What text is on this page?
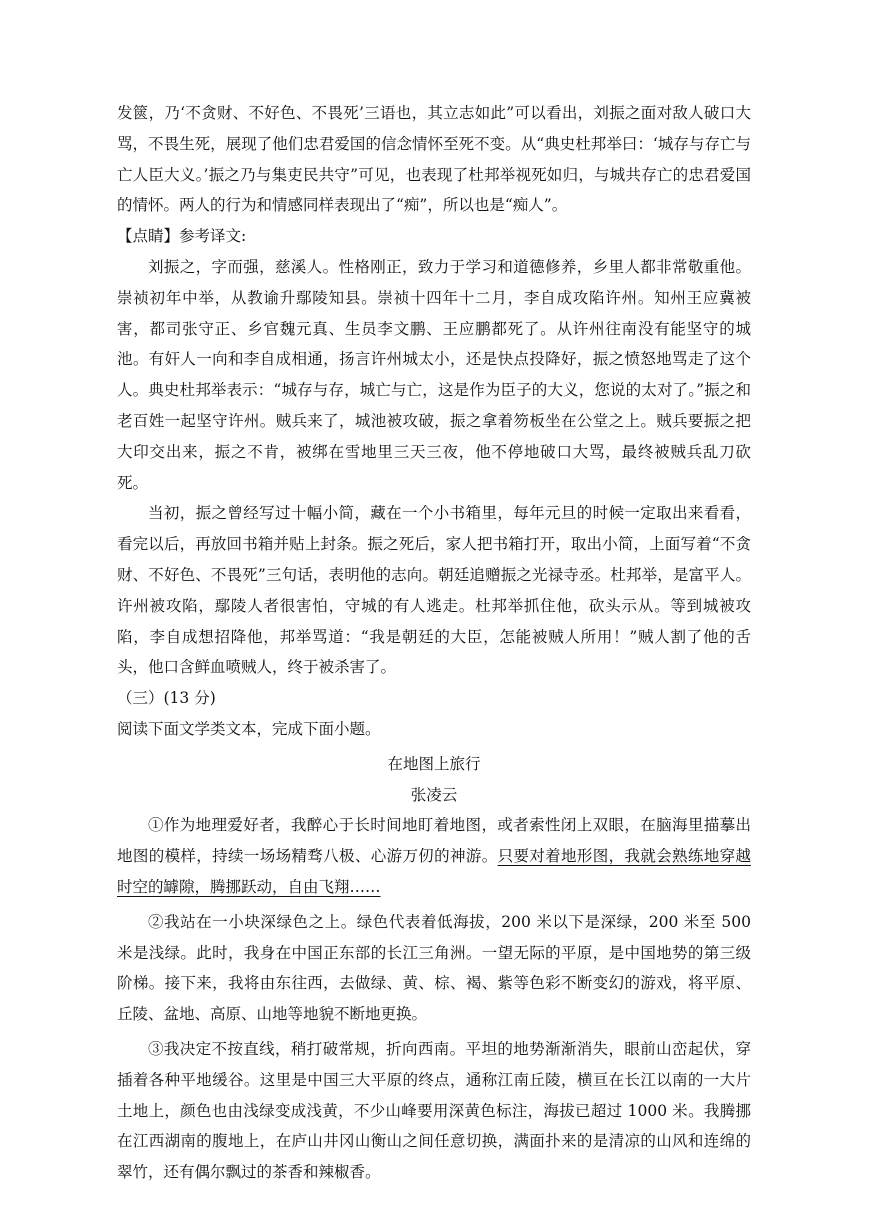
发篋，乃‘不贪财、不好色、不畏死’三语也，其立志如此”可以看出，刘振之面对敌人破口大骂，不畏生死，展现了他们忠君爱国的信念情怀至死不变。从“典史杜邦举曰：‘城存与存亡与亡人臣大义。’振之乃与集吏民共守”可见，也表现了杜邦举视死如归，与城共存亡的忠君爱国的情怀。两人的行为和情感同样表现出了“痴”，所以也是“痴人”。

【点睛】参考译文:

刘振之，字而强，慈溪人。性格刚正，致力于学习和道德修养，乡里人都非常敬重他。崇祯初年中举，从教谕升鄢陵知县。崇祯十四年十二月，李自成攻陷许州。知州王应冀被害，都司张守正、乡官魏元真、生员李文鹏、王应鹏都死了。从许州往南没有能坚守的城池。有奸人一向和李自成相通，扬言许州城太小，还是快点投降好，振之愤怒地骂走了这个人。典史杜邦举表示：“城存与存，城亡与亡，这是作为臣子的大义，您说的太对了。”振之和老百姓一起坚守许州。贼兵来了，城池被攻破，振之拿着笏板坐在公堂之上。贼兵要振之把大印交出来，振之不肯，被绑在雪地里三天三夜，他不停地破口大骂，最终被贼兵乱刀砍死。

当初，振之曾经写过十幅小简，藏在一个小书箱里，每年元旦的时候一定取出来看看，看完以后，再放回书箱并贴上封条。振之死后，家人把书箱打开，取出小简，上面写着“不贪财、不好色、不畏死”三句话，表明他的志向。朝廷追赠振之光禄寺丞。杜邦举，是富平人。许州被攻陷，鄢陵人者很害怕，守城的有人逃走。杜邦举抓住他，砍头示从。等到城被攻陷，李自成想招降他，邦举骂道：“我是朝廷的大臣，怎能被贼人所用！”贼人割了他的舌头，他口含鲜血喷贼人，终于被杀害了。

（三）(13 分)

阅读下面文学类文本，完成下面小题。

在地图上旅行

张凌云

①作为地理爱好者，我醉心于长时间地盯着地图，或者索性闭上双眼，在脑海里描摹出地图的模样，持续一场场精骛八极、心游万仞的神游。只要对着地形图，我就会熟练地穿越时空的罅隙，腾挪跃动，自由飞翔……

②我站在一小块深绿色之上。绿色代表着低海拔，200 米以下是深绿，200 米至 500 米是浅绿。此时，我身在中国正东部的长江三角洲。一望无际的平原，是中国地势的第三级阶梯。接下来，我将由东往西，去做绿、黄、棕、褐、紫等色彩不断变幻的游戏，将平原、丘陵、盆地、高原、山地等地貌不断地更换。

③我决定不按直线，稍打破常规，折向西南。平坦的地势渐渐消失，眼前山峦起伏，穿插着各种平地缓谷。这里是中国三大平原的终点，通称江南丘陵，横亘在长江以南的一大片土地上，颜色也由浅绿变成浅黄，不少山峰要用深黄色标注，海拔已超过 1000 米。我腾挪在江西湖南的腹地上，在庐山井冈山衡山之间任意切换，满面扑来的是清凉的山风和连绵的翠竹，还有偶尔飘过的茶香和辣椒香。
